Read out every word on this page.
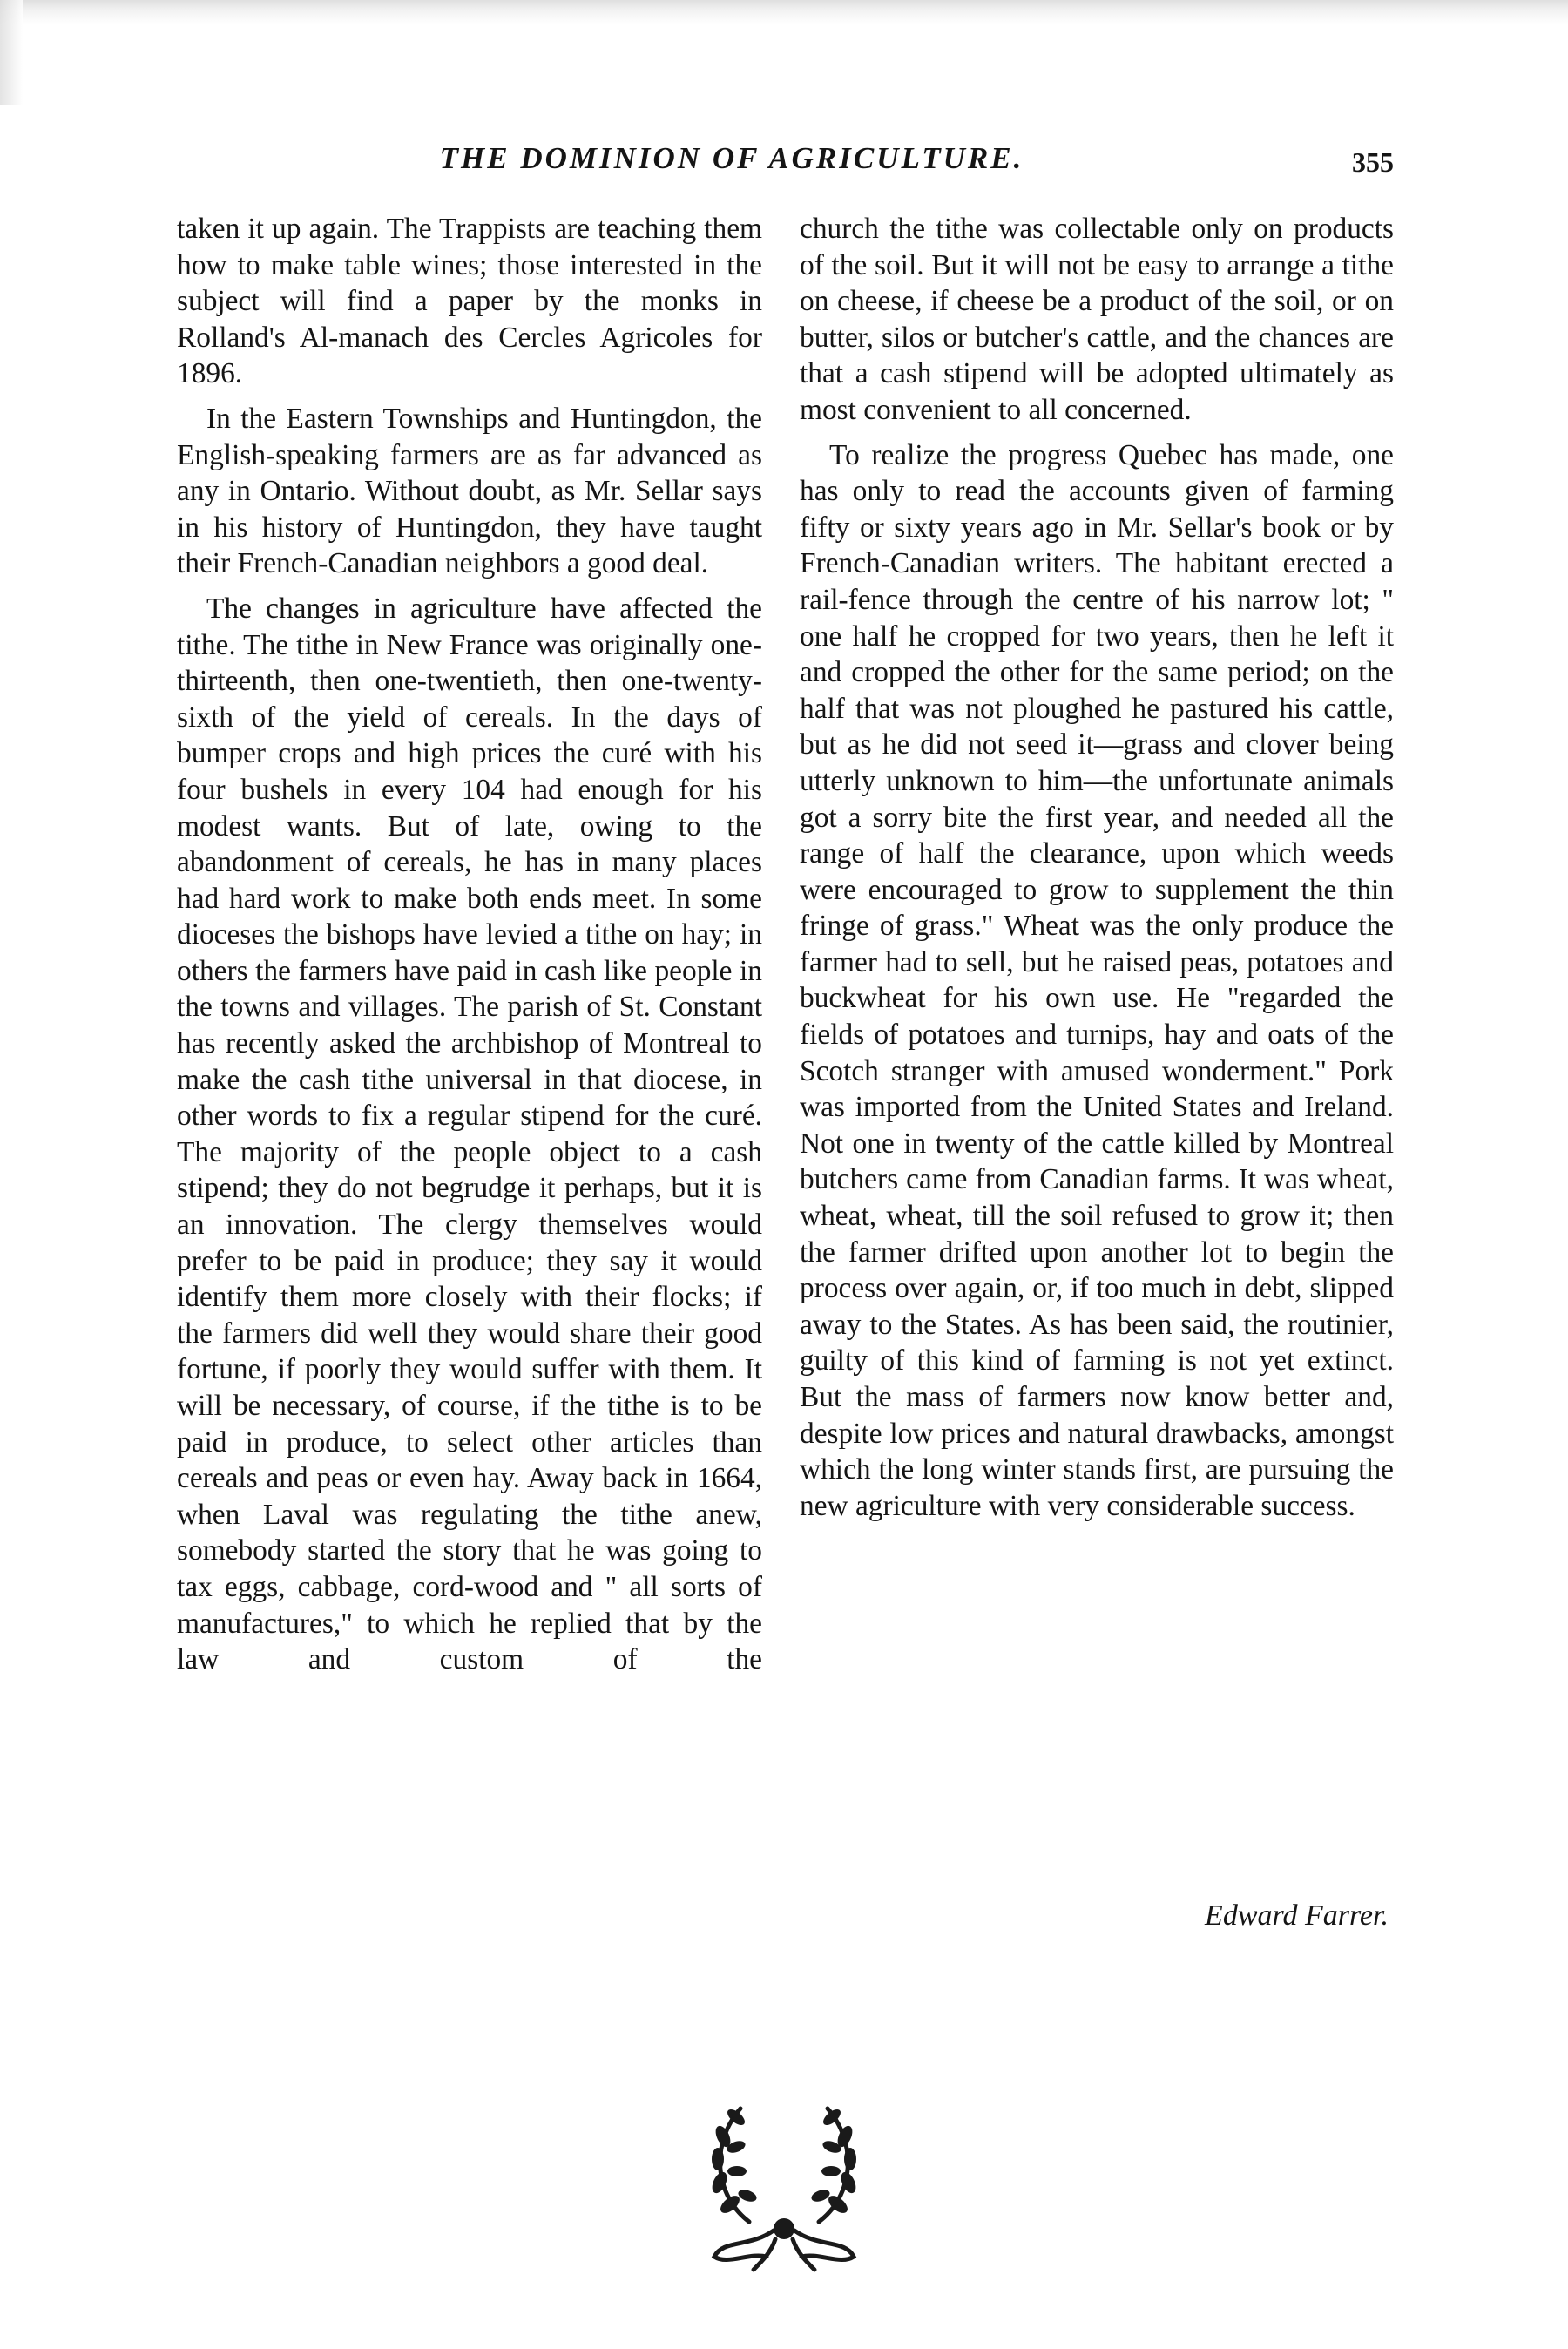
THE DOMINION OF AGRICULTURE.	355

taken it up again. The Trappists are teaching them how to make table wines; those interested in the subject will find a paper by the monks in Rolland's Al-manach des Cercles Agricoles for 1896.

In the Eastern Townships and Huntingdon, the English-speaking farmers are as far advanced as any in Ontario. Without doubt, as Mr. Sellar says in his history of Huntingdon, they have taught their French-Canadian neighbors a good deal.

The changes in agriculture have affected the tithe. The tithe in New France was originally one-thirteenth, then one-twentieth, then one-twenty-sixth of the yield of cereals. In the days of bumper crops and high prices the curé with his four bushels in every 104 had enough for his modest wants. But of late, owing to the abandonment of cereals, he has in many places had hard work to make both ends meet. In some dioceses the bishops have levied a tithe on hay; in others the farmers have paid in cash like people in the towns and villages. The parish of St. Constant has recently asked the archbishop of Montreal to make the cash tithe universal in that diocese, in other words to fix a regular stipend for the curé. The majority of the people object to a cash stipend; they do not begrudge it perhaps, but it is an innovation. The clergy themselves would prefer to be paid in produce; they say it would identify them more closely with their flocks; if the farmers did well they would share their good fortune, if poorly they would suffer with them. It will be necessary, of course, if the tithe is to be paid in produce, to select other articles than cereals and peas or even hay. Away back in 1664, when Laval was regulating the tithe anew, somebody started the story that he was going to tax eggs, cabbage, cord-wood and " all sorts of manufactures," to which he replied that by the law and custom of the

church the tithe was collectable only on products of the soil. But it will not be easy to arrange a tithe on cheese, if cheese be a product of the soil, or on butter, silos or butcher's cattle, and the chances are that a cash stipend will be adopted ultimately as most convenient to all concerned.

To realize the progress Quebec has made, one has only to read the accounts given of farming fifty or sixty years ago in Mr. Sellar's book or by French-Canadian writers. The habitant erected a rail-fence through the centre of his narrow lot; " one half he cropped for two years, then he left it and cropped the other for the same period; on the half that was not ploughed he pastured his cattle, but as he did not seed it—grass and clover being utterly unknown to him—the unfortunate animals got a sorry bite the first year, and needed all the range of half the clearance, upon which weeds were encouraged to grow to supplement the thin fringe of grass." Wheat was the only produce the farmer had to sell, but he raised peas, potatoes and buckwheat for his own use. He "regarded the fields of potatoes and turnips, hay and oats of the Scotch stranger with amused wonderment." Pork was imported from the United States and Ireland. Not one in twenty of the cattle killed by Montreal butchers came from Canadian farms. It was wheat, wheat, wheat, till the soil refused to grow it; then the farmer drifted upon another lot to begin the process over again, or, if too much in debt, slipped away to the States. As has been said, the routinier, guilty of this kind of farming is not yet extinct. But the mass of farmers now know better and, despite low prices and natural drawbacks, amongst which the long winter stands first, are pursuing the new agriculture with very considerable success.

Edward Farrer.
